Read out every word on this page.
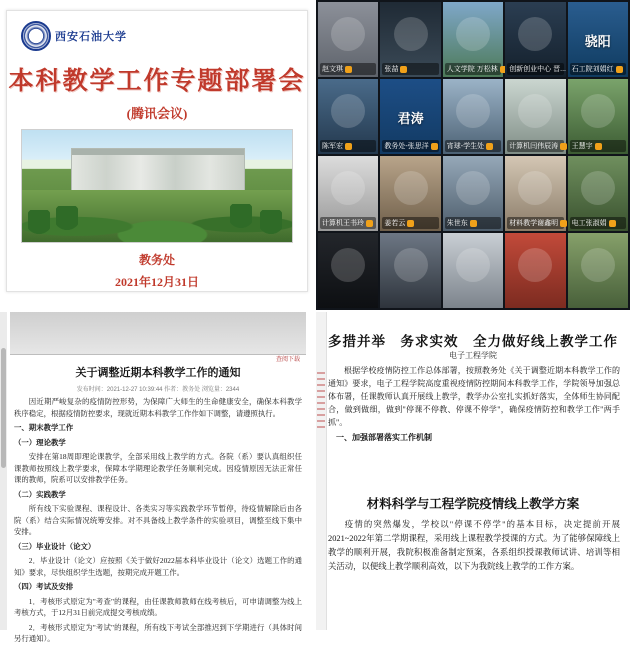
西安石油大学
本科教学工作专题部署会
(腾讯会议)
教务处
2021年12月31日
赵文琪	张喆	人文学院 万松林 创新创业中心 晋...
骁阳
石工院刘娟红
陈军宏
君涛
教务处-张思洋	宵球-学生处	计算机闫伟辰涛 王慧宇
计算机王书玲	姜若云	朱世东	材料教学谢鑫明 电工张淑娟
查阅下载
关于调整近期本科教学工作的通知
发布时间：2021-12-27 10:39:44 作者：教务处 浏览量：2344

因近期严峻复杂的疫情防控形势，为保障广大师生的生命健康安全，确保本科教学秩序稳定，根据疫情防控要求，现就近期本科教学工作作如下调整，请遵照执行。

一、期末教学工作

（一）理论教学

安排在第18周即理论课教学，全部采用线上教学的方式。各院（系）要认真组织任课教师按照线上教学要求，保障本学期理论教学任务顺利完成。因疫情原因无法正常任课的教师，院系可以安排教学任务。

（二）实践教学

所有线下实验课程、课程设计、各类实习等实践教学环节暂停，待疫情解除后由各院（系）结合实际情况统筹安排。对不具备线上教学条件的实验项目，调整至线下集中安排。

（三）毕业设计（论文）

2．毕业设计（论文）应按照《关于做好2022届本科毕业设计（论文）选题工作的通知》要求，尽快组织学生选题，按期完成开题工作。

（四）考试及安排

1．考核形式原定为"考查"的课程，由任课教师教师在线考核后，可申请调整为线上考核方式，于12月31日前完成提交考核成绩。

2．考核形式原定为"考试"的课程，所有线下考试全部推迟到下学期进行（具体时间另行通知）。

多措并举　务求实效　全力做好线上教学工作
电子工程学院

根据学校疫情防控工作总体部署，按照教务处《关于调整近期本科教学工作的通知》要求，电子工程学院高度重视疫情防控期间本科教学工作，学院领导加强总体布署，任课教师认真开展线上教学，教学办公室扎实抓好落实，全体师生协同配合，做到做细，做到"停课不停教、停课不停学"，确保疫情防控和教学工作"两手抓"。

一、加强部署落实工作机制

材料科学与工程学院疫情线上教学方案

疫情的突然爆发，学校以"停课不停学"的基本目标，决定提前开展2021~2022年第二学期课程，采用线上课程教学授课的方式。为了能够保障线上教学的顺利开展，我院积极准备制定预案，各系组织授课教师试讲、培训等相关活动，以便线上教学顺利高效，以下为我院线上教学的工作方案。
